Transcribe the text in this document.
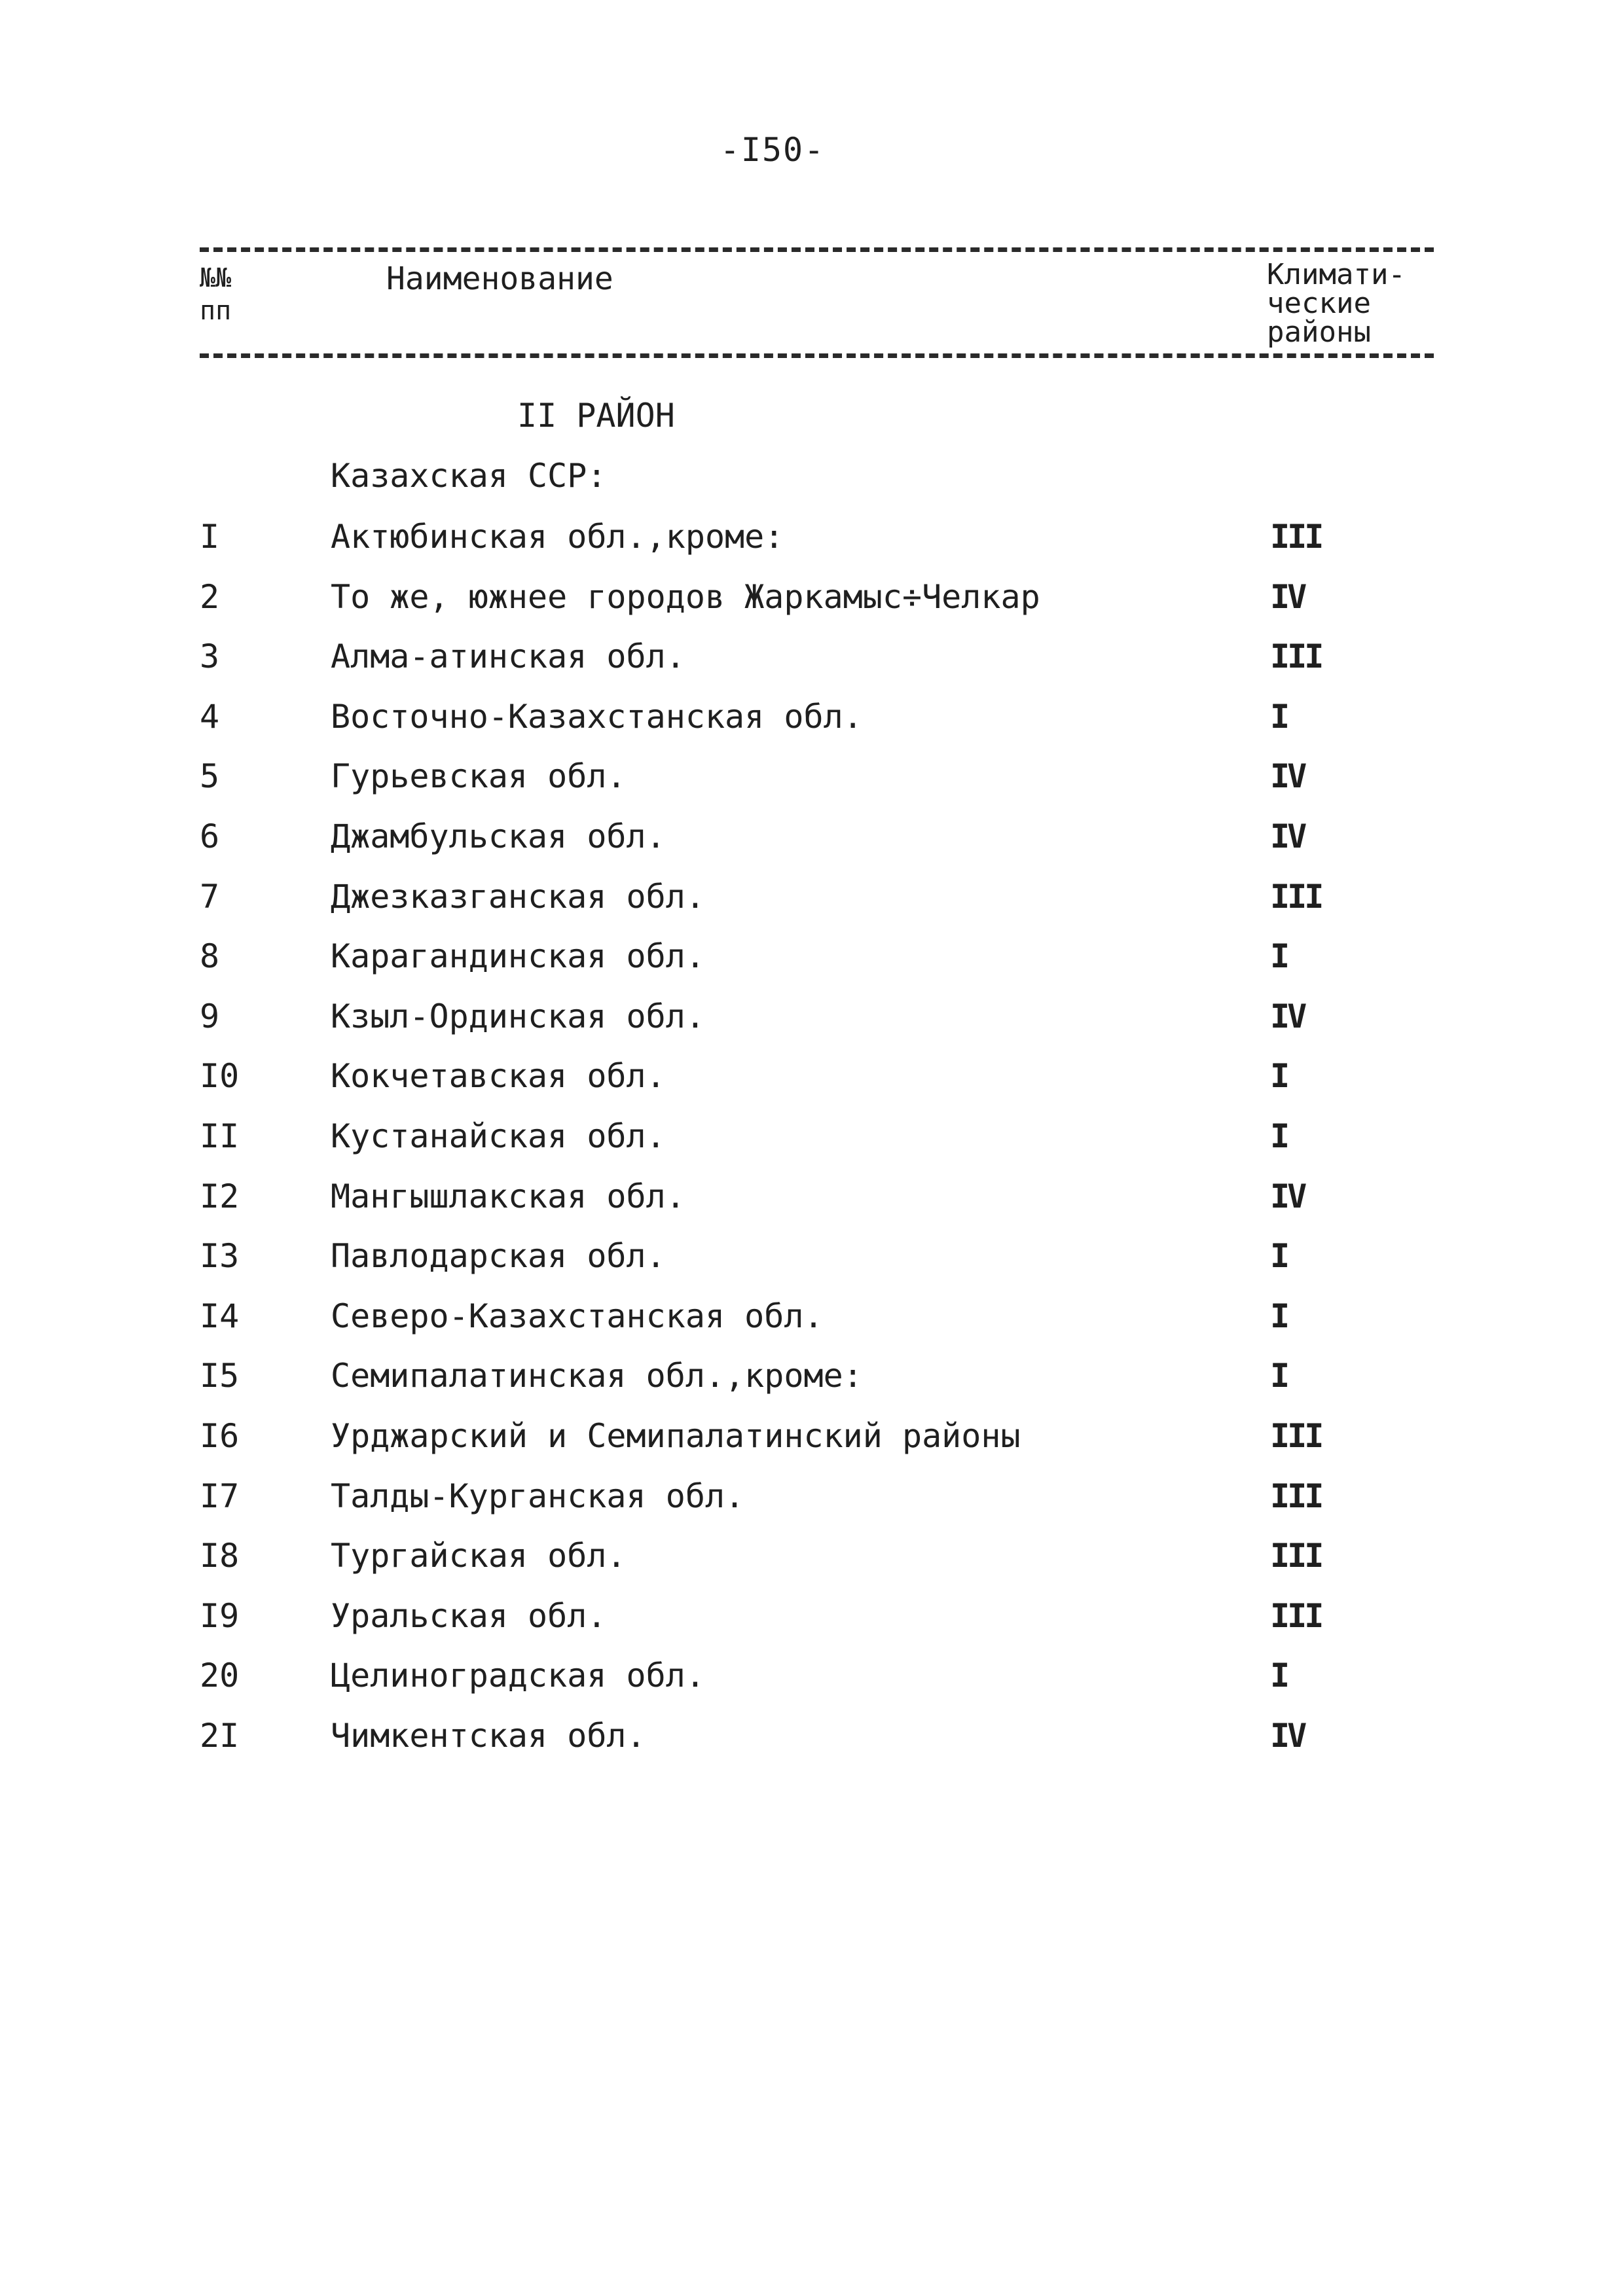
-I50-
№№
пп
Наименование	Климати-
ческие
районы
II РАЙОН
Казахская ССР:
I	Актюбинская обл.,кроме:	III
2	То же, южнее городов Жаркамыс÷Челкар	IV
3	Алма-атинская обл.	III
4	Восточно-Казахстанская обл.	I
5	Гурьевская обл.	IV
6	Джамбульская обл.	IV
7	Джезказганская обл.	III
8	Карагандинская обл.	I
9	Кзыл-Ординская обл.	IV
I0	Кокчетавская обл.	I
II	Кустанайская обл.	I
I2	Мангышлакская обл.	IV
I3	Павлодарская обл.	I
I4	Северо-Казахстанская обл.	I
I5	Семипалатинская обл.,кроме:	I
I6	Урджарский и Семипалатинский районы	III
I7	Талды-Курганская обл.	III
I8	Тургайская обл.	III
I9	Уральская обл.	III
20	Целиноградская обл.	I
2I	Чимкентская обл.	IV
